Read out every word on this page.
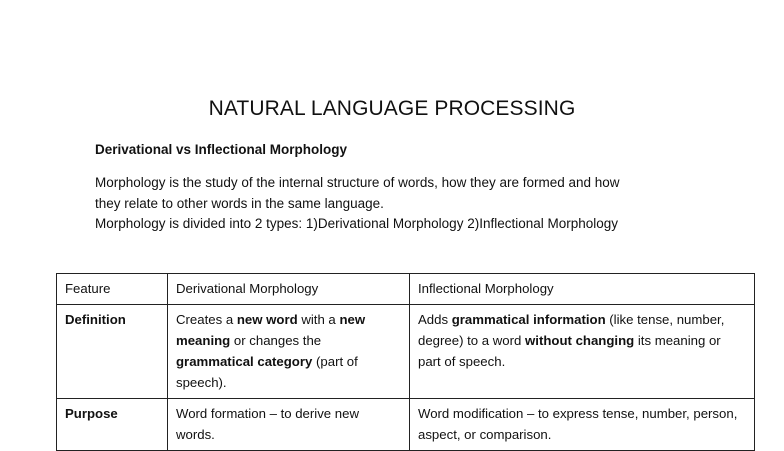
NATURAL LANGUAGE PROCESSING
Derivational vs Inflectional Morphology
Morphology is the study of the internal structure of words, how they are formed and how
they relate to other words in the same language.
Morphology is divided into 2 types: 1)Derivational Morphology 2)Inflectional Morphology
Feature	Derivational Morphology	Inflectional Morphology
Definition	Creates a new word with a new meaning or changes the grammatical category (part of speech).	Adds grammatical information (like tense, number, degree) to a word without changing its meaning or part of speech.
Purpose	Word formation – to derive new words.	Word modification – to express tense, number, person, aspect, or comparison.
